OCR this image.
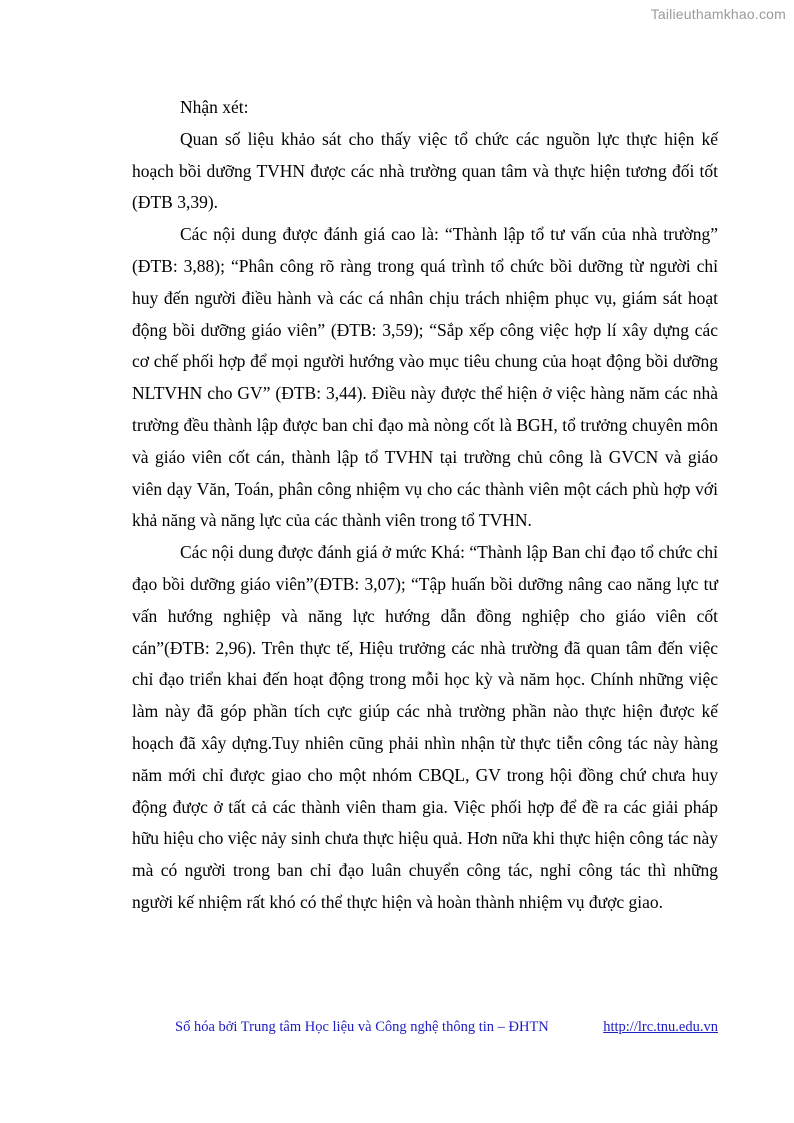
Tailieuthamkhao.com

Nhận xét:

Quan số liệu khảo sát cho thấy việc tổ chức các nguồn lực thực hiện kế hoạch bồi dưỡng TVHN được các nhà trường quan tâm và thực hiện tương đối tốt (ĐTB 3,39).

Các nội dung được đánh giá cao là: “Thành lập tổ tư vấn của nhà trường” (ĐTB: 3,88); “Phân công rõ ràng trong quá trình tổ chức bồi dưỡng từ người chỉ huy đến người điều hành và các cá nhân chịu trách nhiệm phục vụ, giám sát hoạt động bồi dưỡng giáo viên” (ĐTB: 3,59); “Sắp xếp công việc hợp lí xây dựng các cơ chế phối hợp để mọi người hướng vào mục tiêu chung của hoạt động bồi dưỡng NLTVHN cho GV” (ĐTB: 3,44). Điều này được thể hiện ở việc hàng năm các nhà trường đều thành lập được ban chỉ đạo mà nòng cốt là BGH, tổ trưởng chuyên môn và giáo viên cốt cán, thành lập tổ TVHN tại trường chủ công là GVCN và giáo viên dạy Văn, Toán, phân công nhiệm vụ cho các thành viên một cách phù hợp với khả năng và năng lực của các thành viên trong tổ TVHN.

Các nội dung được đánh giá ở mức Khá: “Thành lập Ban chỉ đạo tổ chức chỉ đạo bồi dưỡng giáo viên”(ĐTB: 3,07); “Tập huấn bồi dưỡng nâng cao năng lực tư vấn hướng nghiệp và năng lực hướng dẫn đồng nghiệp cho giáo viên cốt cán”(ĐTB: 2,96). Trên thực tế, Hiệu trưởng các nhà trường đã quan tâm đến việc chỉ đạo triển khai đến hoạt động trong mỗi học kỳ và năm học. Chính những việc làm này đã góp phần tích cực giúp các nhà trường phần nào thực hiện được kế hoạch đã xây dựng.Tuy nhiên cũng phải nhìn nhận từ thực tiễn công tác này hàng năm mới chỉ được giao cho một nhóm CBQL, GV trong hội đồng chứ chưa huy động được ở tất cả các thành viên tham gia. Việc phối hợp để đề ra các giải pháp hữu hiệu cho việc nảy sinh chưa thực hiệu quả. Hơn nữa khi thực hiện công tác này mà có người trong ban chỉ đạo luân chuyển công tác, nghỉ công tác thì những người kế nhiệm rất khó có thể thực hiện và hoàn thành nhiệm vụ được giao.

Số hóa bởi Trung tâm Học liệu và Công nghệ thông tin – ĐHTN	http://lrc.tnu.edu.vn
